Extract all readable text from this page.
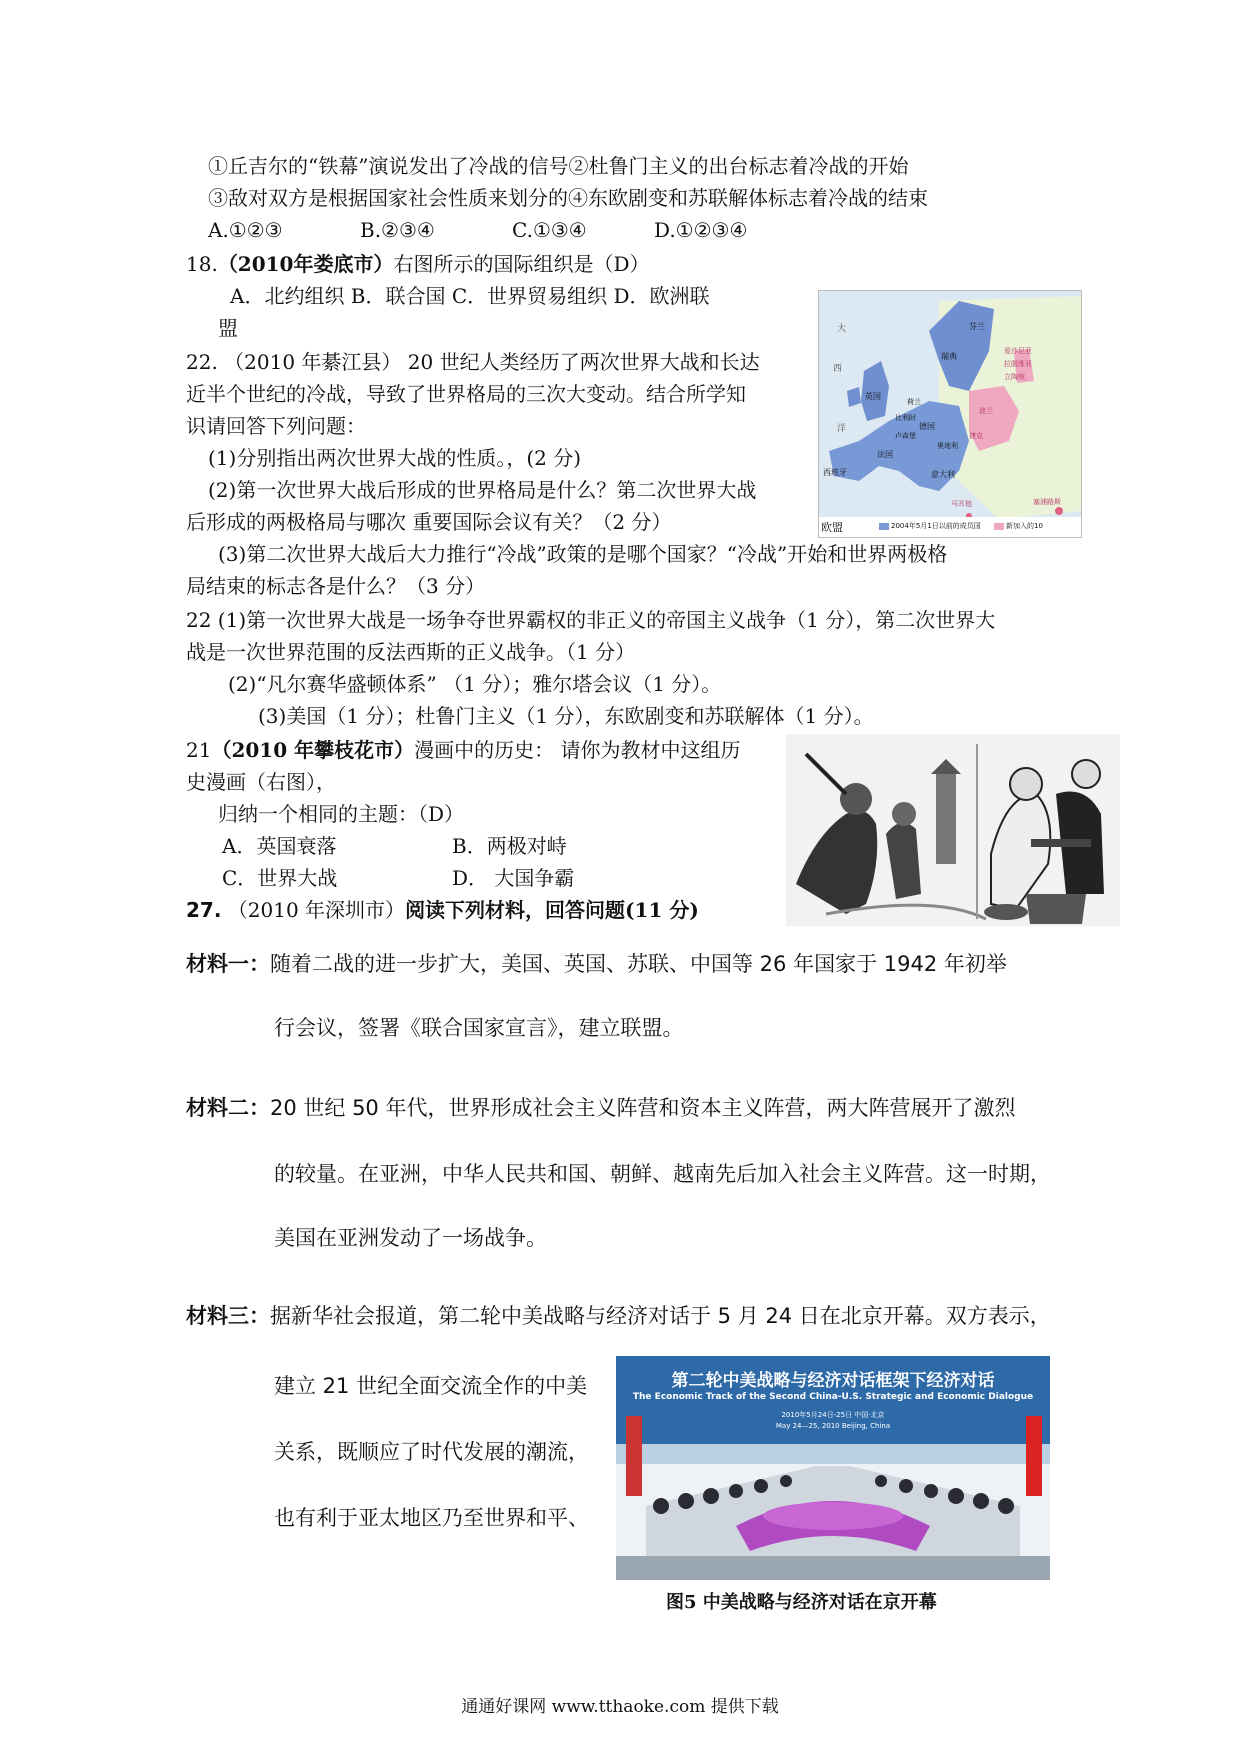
①丘吉尔的“铁幕”演说发出了冷战的信号②杜鲁门主义的出台标志着冷战的开始
③敌对双方是根据国家社会性质来划分的④东欧剧变和苏联解体标志着冷战的结束
A.①②③	B.②③④	C.①③④	D.①②③④
18.（2010年娄底市）右图所示的国际组织是（D）
A．北约组织 B．联合国 C．世界贸易组织 D．欧洲联
盟
欧盟	2004年5月1日以前的成员国	新加入的10
大
西
洋
芬兰
瑞典
英国
德国
法国
西班牙
比利时
卢森堡
奥地利
意大利
荷兰
波兰
捷克
爱沙尼亚
拉脱维亚
立陶宛
马耳他	塞浦路斯
22. （2010 年綦江县） 20 世纪人类经历了两次世界大战和长达
近半个世纪的冷战，导致了世界格局的三次大变动。结合所学知
识请回答下列问题：
(1)分别指出两次世界大战的性质。，(2 分)
(2)第一次世界大战后形成的世界格局是什么？第二次世界大战
后形成的两极格局与哪次 重要国际会议有关？（2 分）
(3)第二次世界大战后大力推行“冷战”政策的是哪个国家？“冷战”开始和世界两极格
局结束的标志各是什么？（3 分）
22 (1)第一次世界大战是一场争夺世界霸权的非正义的帝国主义战争（1 分），第二次世界大
战是一次世界范围的反法西斯的正义战争。（1 分）
(2)“凡尔赛华盛顿体系” （1 分）；雅尔塔会议（1 分）。
(3)美国（1 分）；杜鲁门主义（1 分），东欧剧变和苏联解体（1 分）。
21（2010 年攀枝花市）漫画中的历史： 请你为教材中这组历
史漫画（右图），
归纳一个相同的主题：（D）
A．英国衰落	B．两极对峙
C．世界大战	D． 大国争霸
27. （2010 年深圳市）阅读下列材料，回答问题(11 分)
材料一：随着二战的进一步扩大，美国、英国、苏联、中国等 26 年国家于 1942 年初举
行会议，签署《联合国家宣言》，建立联盟。
材料二：20 世纪 50 年代，世界形成社会主义阵营和资本主义阵营，两大阵营展开了激烈
的较量。在亚洲，中华人民共和国、朝鲜、越南先后加入社会主义阵营。这一时期，
美国在亚洲发动了一场战争。
材料三：据新华社会报道，第二轮中美战略与经济对话于 5 月 24 日在北京开幕。双方表示，
建立 21 世纪全面交流全作的中美
关系，既顺应了时代发展的潮流，
也有利于亚太地区乃至世界和平、
第二轮中美战略与经济对话框架下经济对话
The Economic Track of the Second China-U.S. Strategic and Economic Dialogue
2010年5月24日-25日 中国·北京
May 24—25, 2010 Beijing, China
图5 中美战略与经济对话在京开幕
通通好课网 www.tthaoke.com 提供下载
